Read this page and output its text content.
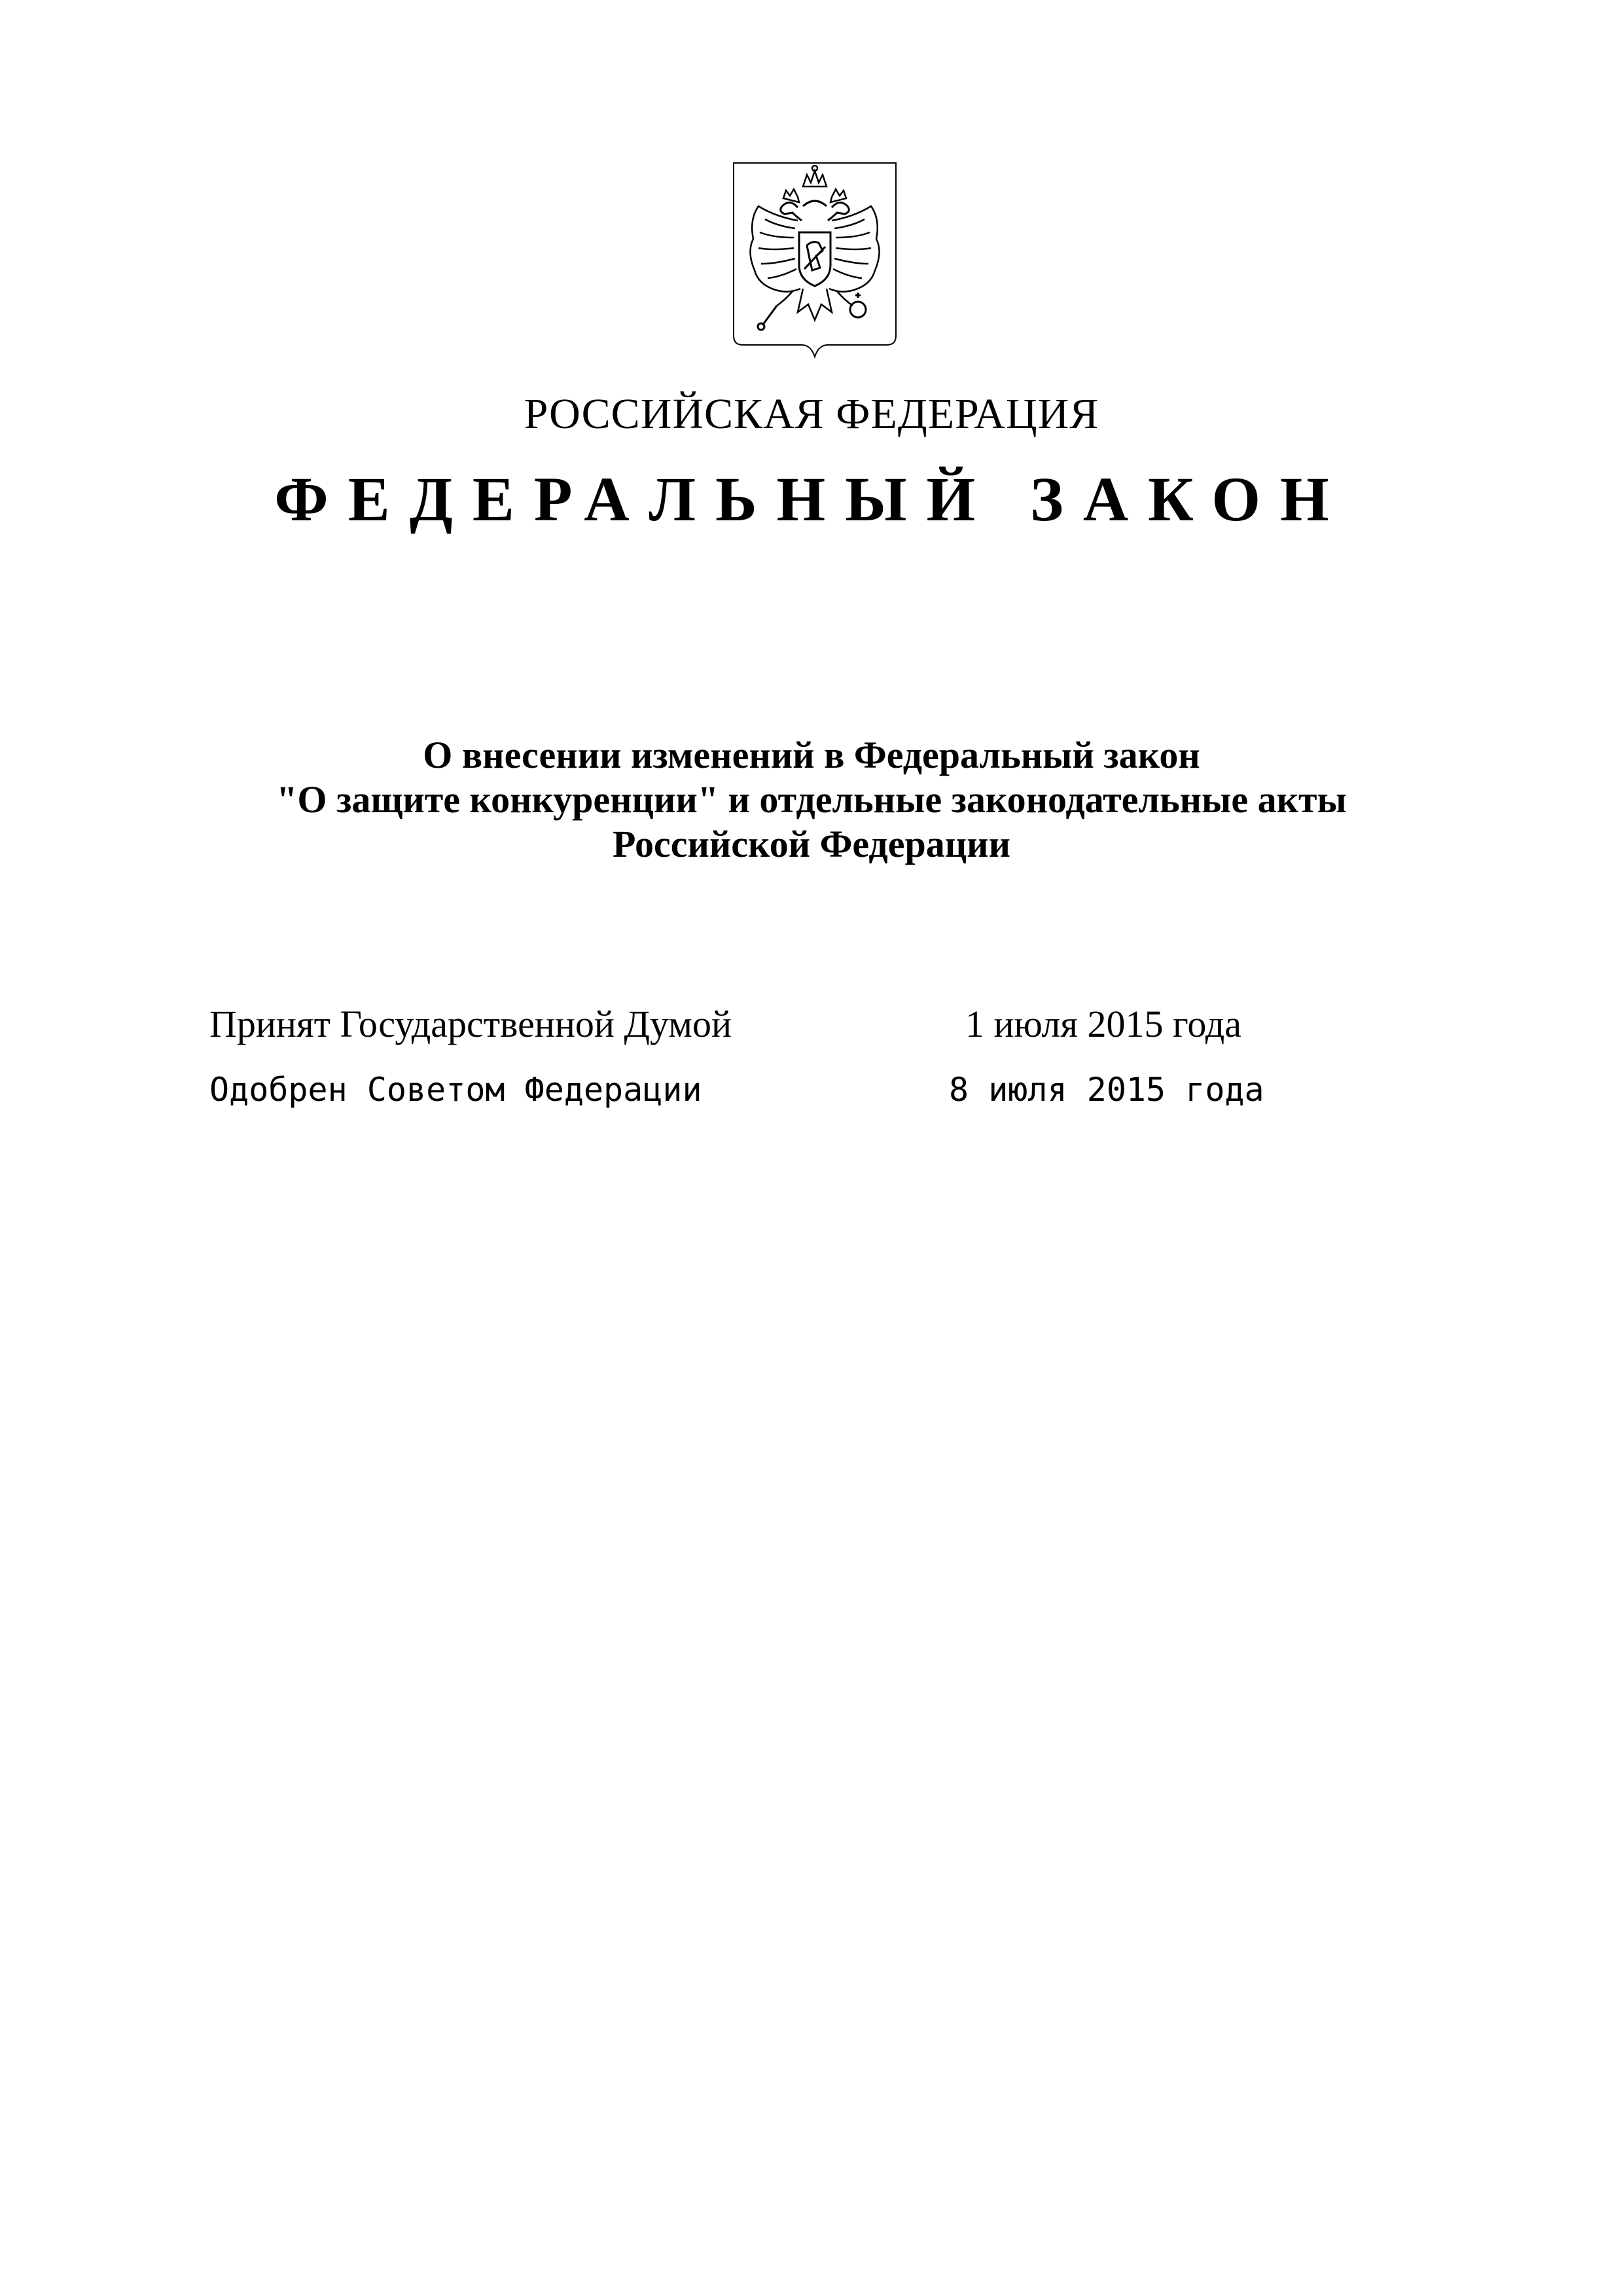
РОССИЙСКАЯ ФЕДЕРАЦИЯ
ФЕДЕРАЛЬНЫЙ ЗАКОН
О внесении изменений в Федеральный закон
"О защите конкуренции" и отдельные законодательные акты
Российской Федерации
Принят Государственной Думой	1 июля 2015 года
Одобрен Советом Федерации	8 июля 2015 года
